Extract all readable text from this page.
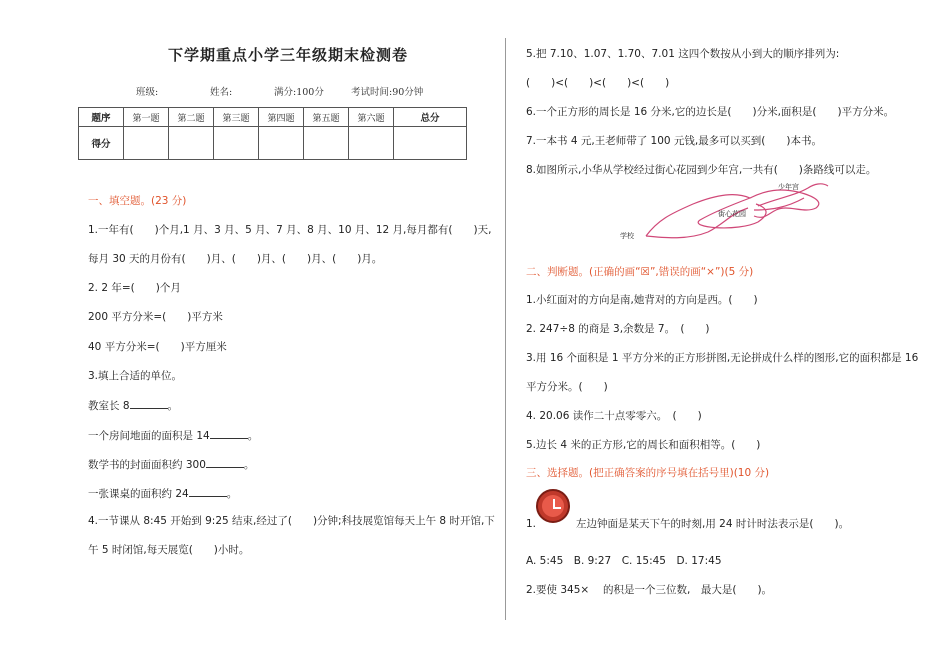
下学期重点小学三年级期末检测卷
班级:	姓名:	满分:100分	考试时间:90分钟
题序	第一题	第二题	第三题	第四题	第五题	第六题	总分
得分							
一、填空题。(23 分)
1.一年有(　　)个月,1 月、3 月、5 月、7 月、8 月、10 月、12 月,每月都有(　　)天,
每月 30 天的月份有(　　)月、(　　)月、(　　)月、(　　)月。
2. 2 年=(　　)个月
200 平方分米=(　　)平方米
40 平方分米=(　　)平方厘米
3.填上合适的单位。
教室长 8	。
一个房间地面的面积是 14	。
数学书的封面面积约 300	。
一张课桌的面积约 24	。
4.一节课从 8:45 开始到 9:25 结束,经过了(　　)分钟;科技展览馆每天上午 8 时开馆,下
午 5 时闭馆,每天展览(　　)小时。
5.把 7.10、1.07、1.70、7.01 这四个数按从小到大的顺序排列为:
(　　)<(　　)<(　　)<(　　)
6.一个正方形的周长是 16 分米,它的边长是(　　)分米,面积是(　　)平方分米。
7.一本书 4 元,王老师带了 100 元钱,最多可以买到(　　)本书。
8.如图所示,小华从学校经过街心花园到少年宫,一共有(　　)条路线可以走。
学校
街心花园
少年宫
二、判断题。(正确的画“☒”,错误的画“×”)(5 分)
1.小红面对的方向是南,她背对的方向是西。(　　)
2. 247÷8 的商是 3,余数是 7。　(　　)
3.用 16 个面积是 1 平方分米的正方形拼图,无论拼成什么样的图形,它的面积都是 16
平方分米。(　　)
4. 20.06 读作二十点零零六。　(　　)
5.边长 4 米的正方形,它的周长和面积相等。(　　)
三、选择题。(把正确答案的序号填在括号里)(10 分)
1.	左边钟面是某天下午的时刻,用 24 时计时法表示是(　　)。
A. 5:45　B. 9:27　C. 15:45　D. 17:45
2.要使 345×　 的积是一个三位数,　最大是(　　)。
